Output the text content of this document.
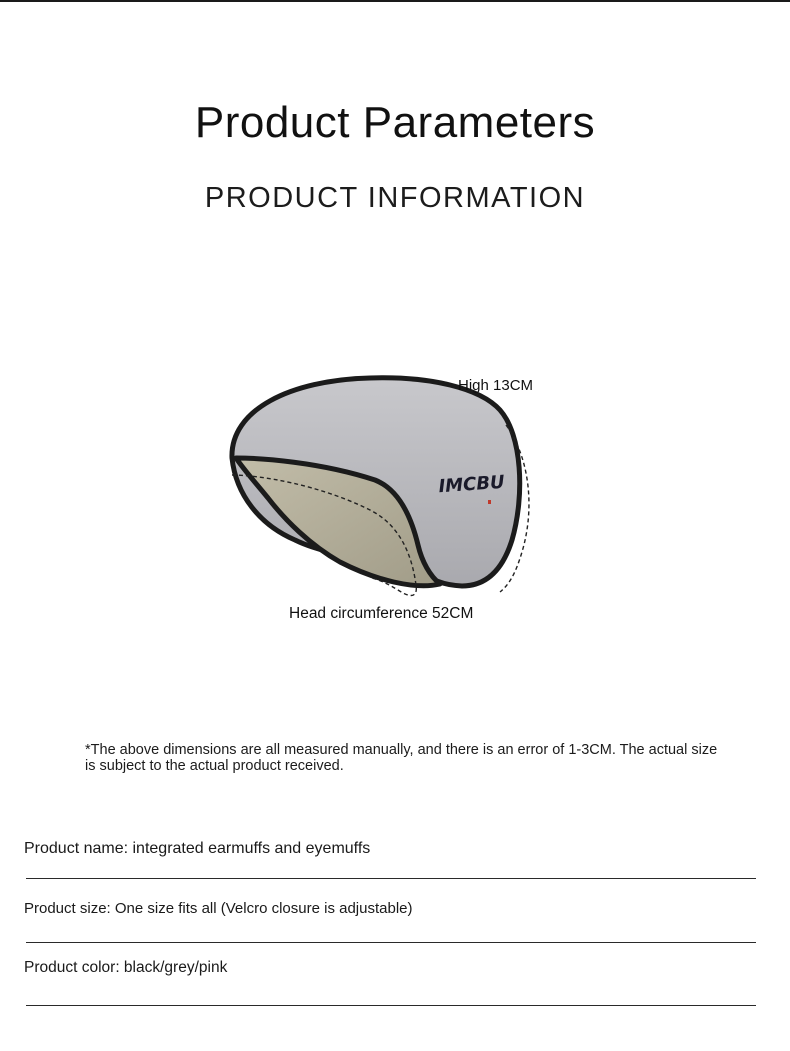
Product Parameters
PRODUCT INFORMATION
IMCBU
High 13CM
Head circumference 52CM
*The above dimensions are all measured manually, and there is an error of 1-3CM. The actual size is subject to the actual product received.
Product name: integrated earmuffs and eyemuffs
Product size: One size fits all (Velcro closure is adjustable)
Product color: black/grey/pink
